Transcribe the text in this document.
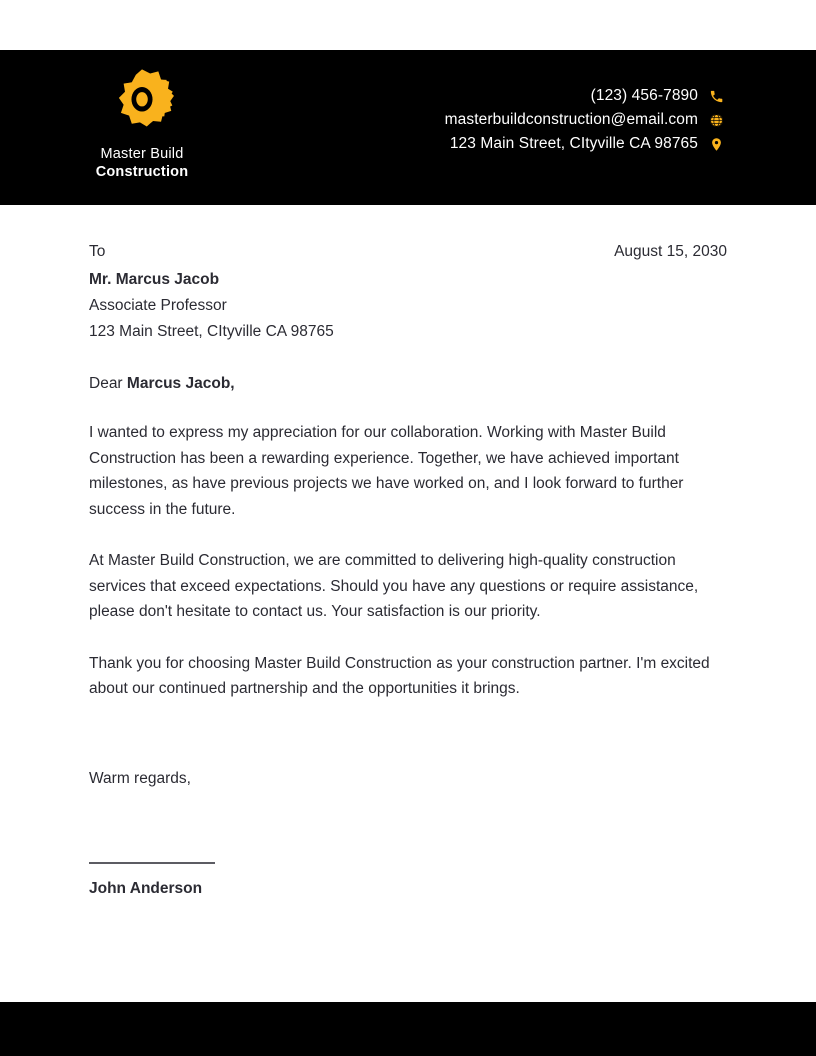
Master Build
Construction
(123) 456-7890
masterbuildconstruction@email.com
123 Main Street, CItyville CA 98765
To	August 15, 2030
Mr. Marcus Jacob
Associate Professor
123 Main Street, CItyville CA 98765
Dear Marcus Jacob,

I wanted to express my appreciation for our collaboration. Working with Master Build Construction has been a rewarding experience. Together, we have achieved important milestones, as have previous projects we have worked on, and I look forward to further success in the future.

At Master Build Construction, we are committed to delivering high-quality construction services that exceed expectations. Should you have any questions or require assistance, please don't hesitate to contact us. Your satisfaction is our priority.

Thank you for choosing Master Build Construction as your construction partner. I'm excited about our continued partnership and the opportunities it brings.

Warm regards,
John Anderson
